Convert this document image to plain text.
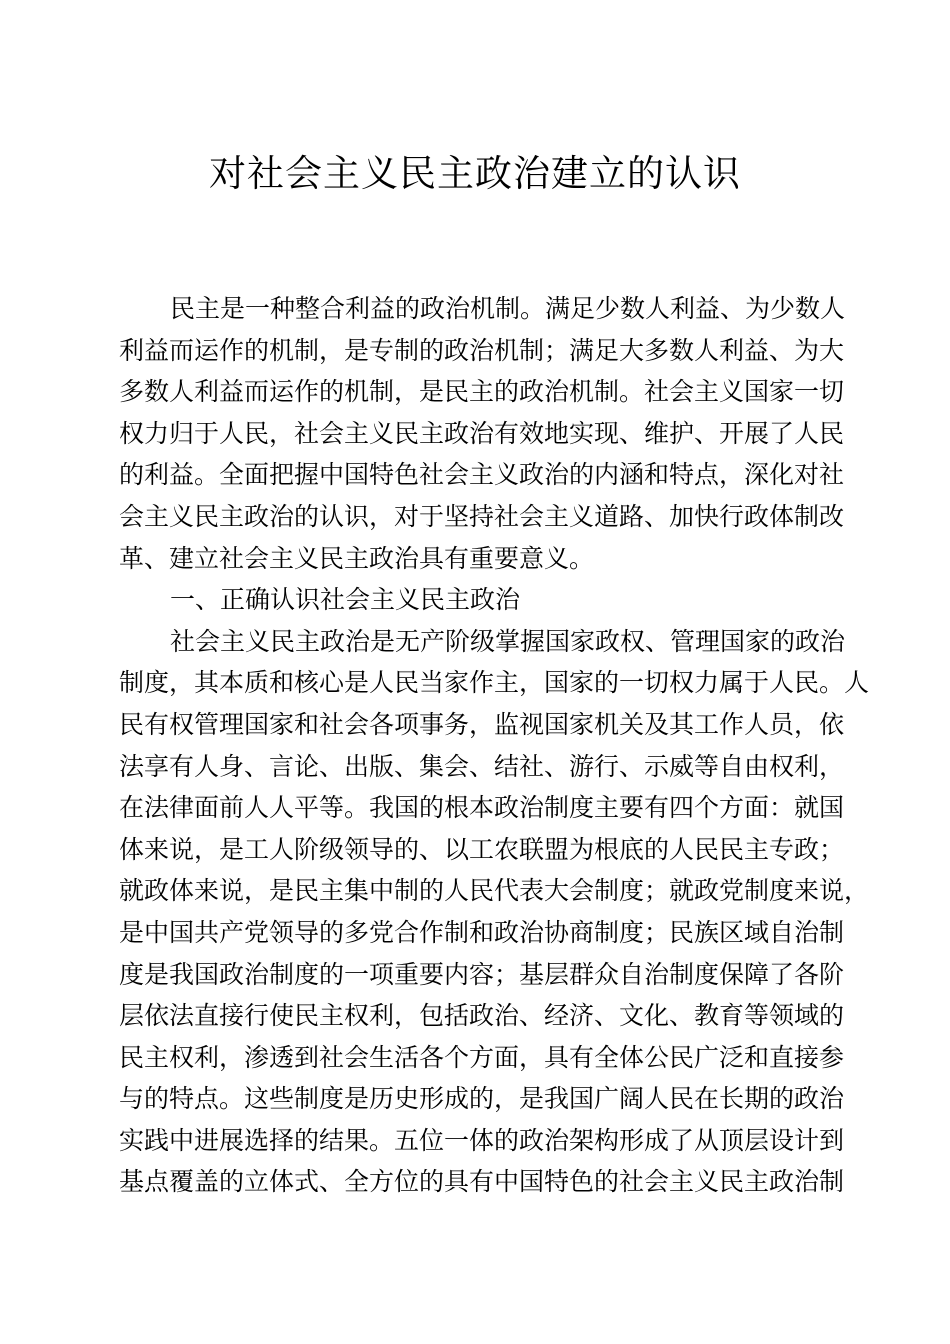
对社会主义民主政治建立的认识
民主是一种整合利益的政治机制。满足少数人利益、为少数人
利益而运作的机制，是专制的政治机制；满足大多数人利益、为大
多数人利益而运作的机制，是民主的政治机制。社会主义国家一切
权力归于人民，社会主义民主政治有效地实现、维护、开展了人民
的利益。全面把握中国特色社会主义政治的内涵和特点，深化对社
会主义民主政治的认识，对于坚持社会主义道路、加快行政体制改
革、建立社会主义民主政治具有重要意义。
一、正确认识社会主义民主政治
社会主义民主政治是无产阶级掌握国家政权、管理国家的政治
制度，其本质和核心是人民当家作主，国家的一切权力属于人民。人
民有权管理国家和社会各项事务，监视国家机关及其工作人员，依
法享有人身、言论、出版、集会、结社、游行、示威等自由权利，
在法律面前人人平等。我国的根本政治制度主要有四个方面：就国
体来说，是工人阶级领导的、以工农联盟为根底的人民民主专政；
就政体来说，是民主集中制的人民代表大会制度；就政党制度来说，
是中国共产党领导的多党合作制和政治协商制度；民族区域自治制
度是我国政治制度的一项重要内容；基层群众自治制度保障了各阶
层依法直接行使民主权利，包括政治、经济、文化、教育等领域的
民主权利，渗透到社会生活各个方面，具有全体公民广泛和直接参
与的特点。这些制度是历史形成的，是我国广阔人民在长期的政治
实践中进展选择的结果。五位一体的政治架构形成了从顶层设计到
基点覆盖的立体式、全方位的具有中国特色的社会主义民主政治制
